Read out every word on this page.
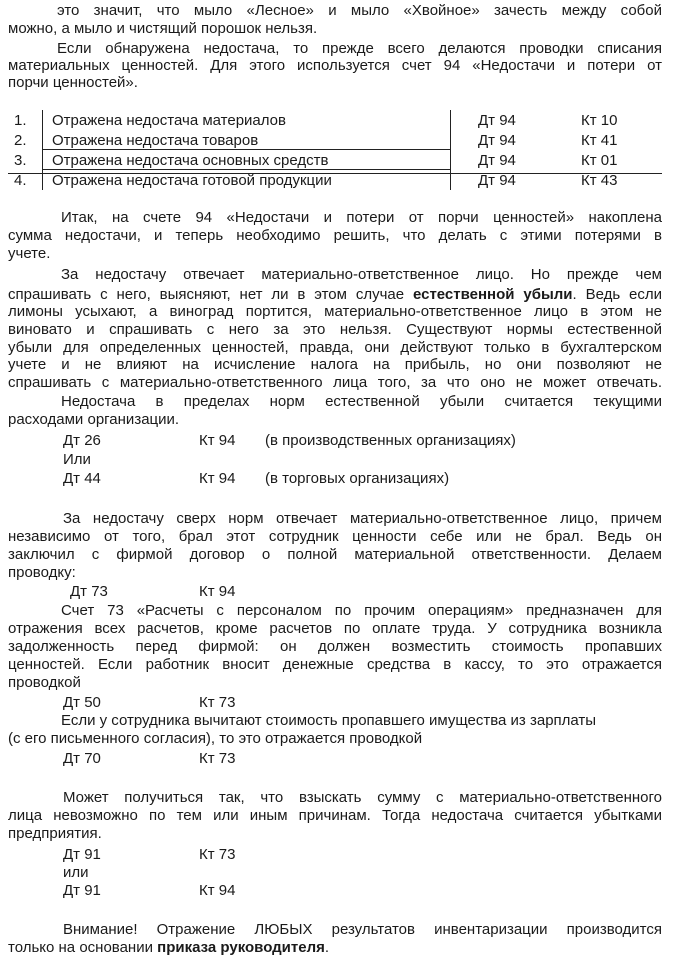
это значит, что мыло «Лесное» и мыло «Хвойное» зачесть между собой
можно, а мыло и чистящий порошок нельзя.
Если обнаружена недостача, то прежде всего делаются проводки списания
материальных ценностей. Для этого используется счет 94 «Недостачи и потери от
порчи ценностей».
1. Отражена недостача материалов	Дт 94	Кт 10
2. Отражена недостача товаров	Дт 94	Кт 41
3. Отражена недостача основных средств	Дт 94	Кт 01
4. Отражена недостача готовой продукции	Дт 94	Кт 43
Итак, на счете 94 «Недостачи и потери от порчи ценностей» накоплена
сумма недостачи, и теперь необходимо решить, что делать с этими потерями в
учете.
За недостачу отвечает материально-ответственное лицо. Но прежде чем
спрашивать с него, выясняют, нет ли в этом случае естественной убыли. Ведь если
лимоны усыхают, а виноград портится, материально-ответственное лицо в этом не
виновато и спрашивать с него за это нельзя. Существуют нормы естественной
убыли для определенных ценностей, правда, они действуют только в бухгалтерском
учете и не влияют на исчисление налога на прибыль, но они позволяют не
спрашивать с материально-ответственного лица того, за что оно не может отвечать.
Недостача в пределах норм естественной убыли считается текущими
расходами организации.
Дт 26	Кт 94 (в производственных организациях)
Или
Дт 44	Кт 94 (в торговых организациях)
За недостачу сверх норм отвечает материально-ответственное лицо, причем
независимо от того, брал этот сотрудник ценности себе или не брал. Ведь он
заключил с фирмой договор о полной материальной ответственности. Делаем
проводку:
Дт 73	Кт 94
Счет 73 «Расчеты с персоналом по прочим операциям» предназначен для
отражения всех расчетов, кроме расчетов по оплате труда. У сотрудника возникла
задолженность перед фирмой: он должен возместить стоимость пропавших
ценностей. Если работник вносит денежные средства в кассу, то это отражается
проводкой
Дт 50	Кт 73
Если у сотрудника вычитают стоимость пропавшего имущества из зарплаты
(с его письменного согласия), то это отражается проводкой
Дт 70	Кт 73
Может получиться так, что взыскать сумму с материально-ответственного
лица невозможно по тем или иным причинам. Тогда недостача считается убытками
предприятия.
Дт 91	Кт 73
или
Дт 91	Кт 94
Внимание! Отражение ЛЮБЫХ результатов инвентаризации производится
только на основании приказа руководителя.
